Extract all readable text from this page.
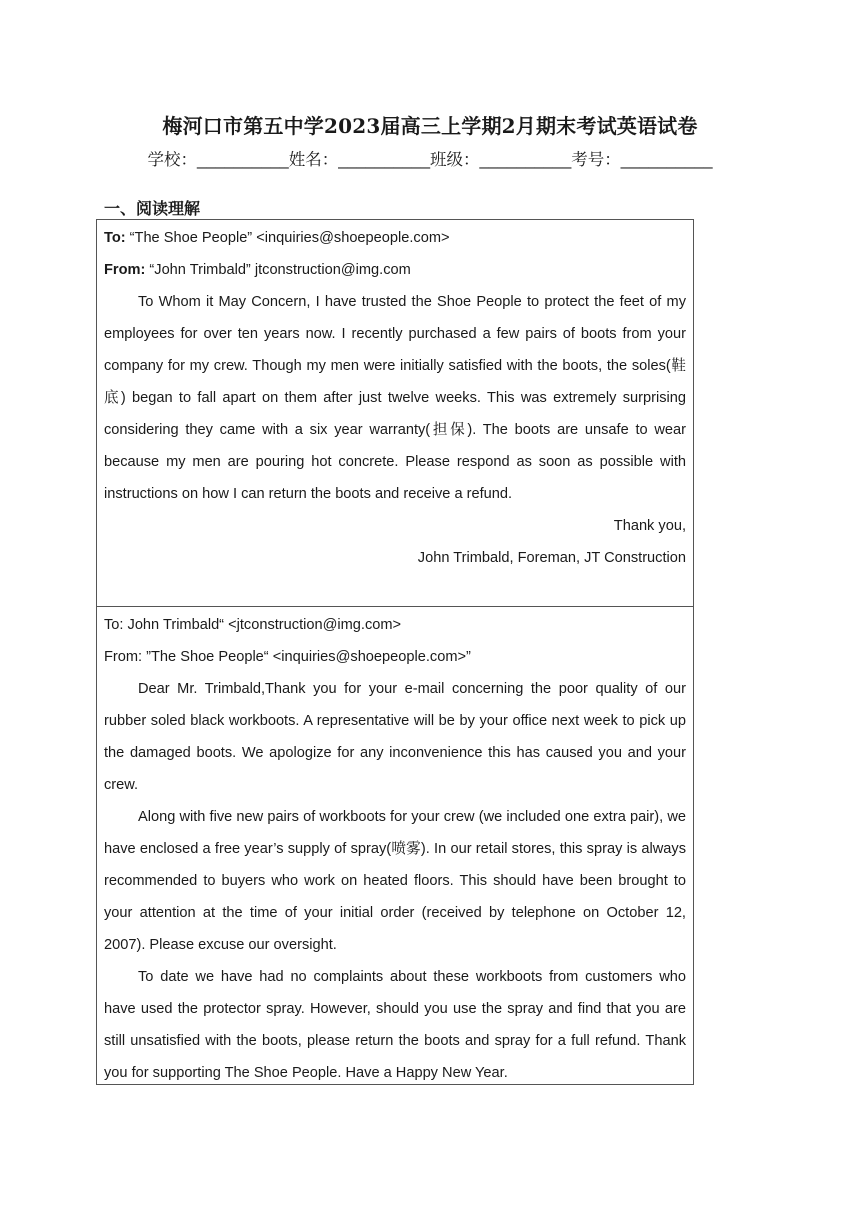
梅河口市第五中学2023届高三上学期2月期末考试英语试卷
学校：__________姓名：__________班级：__________考号：__________
一、阅读理解

To: “The Shoe People” <inquiries@shoepeople.com>

From: “John Trimbald” jtconstruction@img.com

To Whom it May Concern, I have trusted the Shoe People to protect the feet of my employees for over ten years now. I recently purchased a few pairs of boots from your company for my crew. Though my men were initially satisfied with the boots, the soles(鞋底) began to fall apart on them after just twelve weeks. This was extremely surprising considering they came with a six year warranty(担保). The boots are unsafe to wear because my men are pouring hot concrete. Please respond as soon as possible with instructions on how I can return the boots and receive a refund.

Thank you,

John Trimbald, Foreman, JT Construction

To: John Trimbald“ <jtconstruction@img.com>

From: ”The Shoe People“ <inquiries@shoepeople.com>”

Dear Mr. Trimbald,Thank you for your e-mail concerning the poor quality of our rubber soled black workboots. A representative will be by your office next week to pick up the damaged boots. We apologize for any inconvenience this has caused you and your crew.

Along with five new pairs of workboots for your crew (we included one extra pair), we have enclosed a free year’s supply of spray(喷雾). In our retail stores, this spray is always recommended to buyers who work on heated floors. This should have been brought to your attention at the time of your initial order (received by telephone on October 12, 2007). Please excuse our oversight.

To date we have had no complaints about these workboots from customers who have used the protector spray. However, should you use the spray and find that you are still unsatisfied with the boots, please return the boots and spray for a full refund. Thank you for supporting The Shoe People. Have a Happy New Year.
